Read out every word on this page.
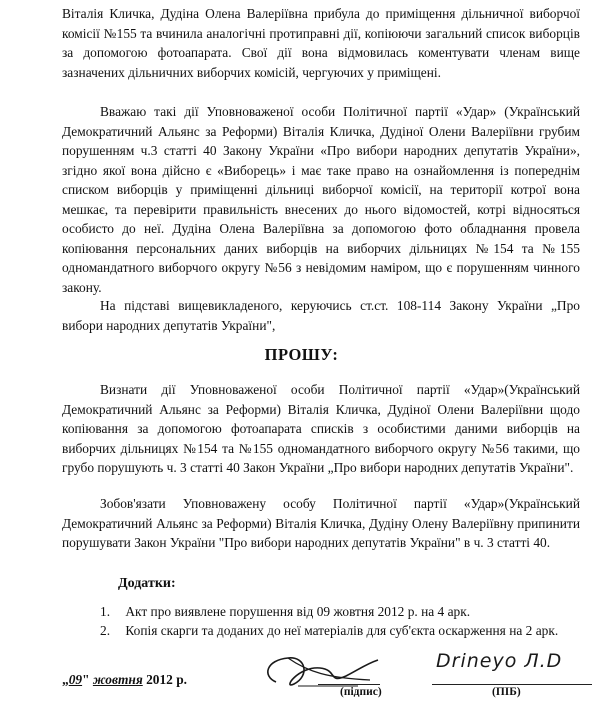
Віталія Кличка, Дудіна Олена Валеріївна прибула до приміщення дільничної виборчої комісії №155 та вчинила аналогічні протиправні дії, копіюючи загальний список виборців за допомогою фотоапарата. Свої дії вона відмовилась коментувати членам вище зазначених дільничних виборчих комісій, чергуючих у приміщені.

Вважаю такі дії Уповноваженої особи Політичної партії «Удар» (Український Демократичний Альянс за Реформи) Віталія Кличка, Дудіної Олени Валеріївни грубим порушенням ч.3 статті 40 Закону України «Про вибори народних депутатів України», згідно якої вона дійсно є «Виборець» і має таке право на ознайомлення із попереднім списком виборців у приміщенні дільниці виборчої комісії, на території котрої вона мешкає, та перевірити правильність внесених до нього відомостей, котрі відносяться особисто до неї. Дудіна Олена Валеріївна за допомогою фото обладнання провела копіювання персональних даних виборців на виборчих дільницях №154 та №155 одномандатного виборчого округу №56 з невідомим наміром, що є порушенням чинного закону.

На підставі вищевикладеного, керуючись ст.ст. 108-114 Закону України „Про вибори народних депутатів України",

ПРОШУ:

Визнати дії Уповноваженої особи Політичної партії «Удар»(Український Демократичний Альянс за Реформи) Віталія Кличка, Дудіної Олени Валеріївни щодо копіювання за допомогою фотоапарата списків з особистими даними виборців на виборчих дільницях №154 та №155 одномандатного виборчого округу №56 такими, що грубо порушують ч. 3 статті 40 Закон України „Про вибори народних депутатів України".

Зобов'язати Уповноважену особу Політичної партії «Удар»(Український Демократичний Альянс за Реформи) Віталія Кличка, Дудіну Олену Валеріївну припинити порушувати Закон України "Про вибори народних депутатів України" в ч. 3 статті 40.

Додатки:
1. Акт про виявлене порушення від 09 жовтня 2012 р. на 4 арк.
2. Копія скарги та доданих до неї матеріалів для суб'єкта оскарження на 2 арк.
„09" жовтня 2012 р.
(підпис)
Drineyo Л.D
(ПІБ)
